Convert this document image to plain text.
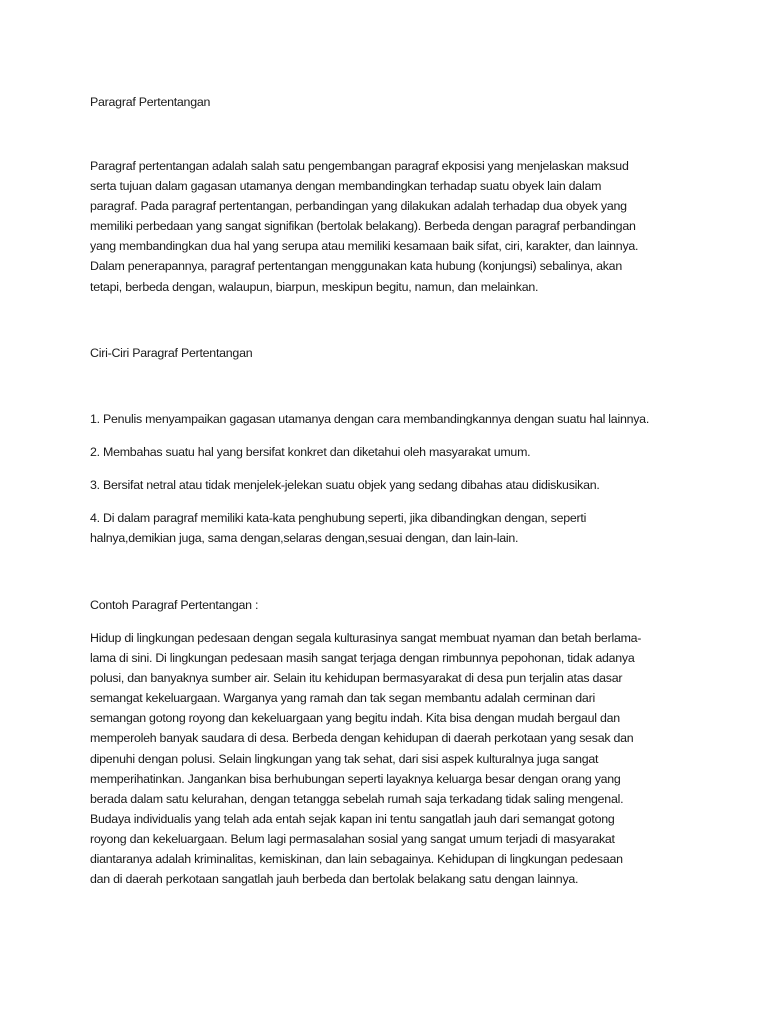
Paragraf Pertentangan
Paragraf pertentangan adalah salah satu pengembangan paragraf ekposisi yang menjelaskan maksud
serta tujuan dalam gagasan utamanya dengan membandingkan terhadap suatu obyek lain dalam
paragraf. Pada paragraf pertentangan, perbandingan yang dilakukan adalah terhadap dua obyek yang
memiliki perbedaan yang sangat signifikan (bertolak belakang). Berbeda dengan paragraf perbandingan
yang membandingkan dua hal yang serupa atau memiliki kesamaan baik sifat, ciri, karakter, dan lainnya.
Dalam penerapannya, paragraf pertentangan menggunakan kata hubung (konjungsi) sebalinya, akan
tetapi, berbeda dengan, walaupun, biarpun, meskipun begitu, namun, dan melainkan.
Ciri-Ciri Paragraf Pertentangan
1. Penulis menyampaikan gagasan utamanya dengan cara membandingkannya dengan suatu hal lainnya.
2. Membahas suatu hal yang bersifat konkret dan diketahui oleh masyarakat umum.
3. Bersifat netral atau tidak menjelek-jelekan suatu objek yang sedang dibahas atau didiskusikan.
4. Di dalam paragraf memiliki kata-kata penghubung seperti, jika dibandingkan dengan, seperti
halnya,demikian juga, sama dengan,selaras dengan,sesuai dengan, dan lain-lain.
Contoh Paragraf Pertentangan :
Hidup di lingkungan pedesaan dengan segala kulturasinya sangat membuat nyaman dan betah berlama-
lama di sini. Di lingkungan pedesaan masih sangat terjaga dengan rimbunnya pepohonan, tidak adanya
polusi, dan banyaknya sumber air. Selain itu kehidupan bermasyarakat di desa pun terjalin atas dasar
semangat kekeluargaan. Warganya yang ramah dan tak segan membantu adalah cerminan dari
semangan gotong royong dan kekeluargaan yang begitu indah. Kita bisa dengan mudah bergaul dan
memperoleh banyak saudara di desa. Berbeda dengan kehidupan di daerah perkotaan yang sesak dan
dipenuhi dengan polusi. Selain lingkungan yang tak sehat, dari sisi aspek kulturalnya juga sangat
memperihatinkan. Jangankan bisa berhubungan seperti layaknya keluarga besar dengan orang yang
berada dalam satu kelurahan, dengan tetangga sebelah rumah saja terkadang tidak saling mengenal.
Budaya individualis yang telah ada entah sejak kapan ini tentu sangatlah jauh dari semangat gotong
royong dan kekeluargaan. Belum lagi permasalahan sosial yang sangat umum terjadi di masyarakat
diantaranya adalah kriminalitas, kemiskinan, dan lain sebagainya. Kehidupan di lingkungan pedesaan
dan di daerah perkotaan sangatlah jauh berbeda dan bertolak belakang satu dengan lainnya.
